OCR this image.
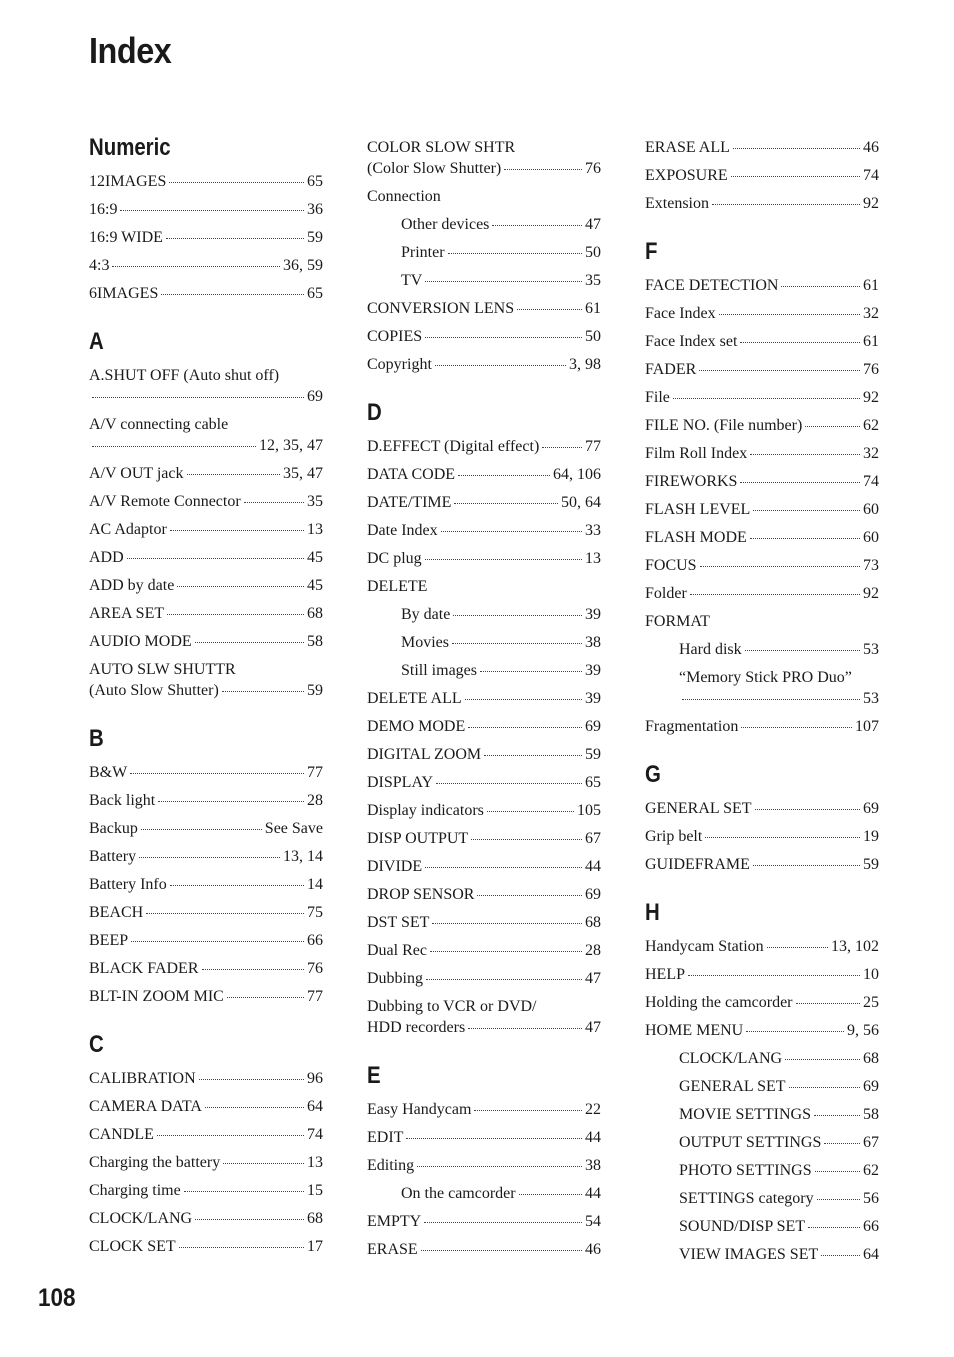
Index
Numeric
12IMAGES	65
16:9	36
16:9 WIDE	59
4:3	36, 59
6IMAGES	65
A
A.SHUT OFF (Auto shut off)
69
A/V connecting cable
12, 35, 47
A/V OUT jack	35, 47
A/V Remote Connector	35
AC Adaptor	13
ADD	45
ADD by date	45
AREA SET	68
AUDIO MODE	58
AUTO SLW SHUTTR
(Auto Slow Shutter)	59
B
B&W	77
Back light	28
Backup	See Save
Battery	13, 14
Battery Info	14
BEACH	75
BEEP	66
BLACK FADER	76
BLT-IN ZOOM MIC	77
C
CALIBRATION	96
CAMERA DATA	64
CANDLE	74
Charging the battery	13
Charging time	15
CLOCK/LANG	68
CLOCK SET	17
COLOR SLOW SHTR
(Color Slow Shutter)	76
Connection
Other devices	47
Printer	50
TV	35
CONVERSION LENS	61
COPIES	50
Copyright	3, 98
D
D.EFFECT (Digital effect)	77
DATA CODE	64, 106
DATE/TIME	50, 64
Date Index	33
DC plug	13
DELETE
By date	39
Movies	38
Still images	39
DELETE ALL	39
DEMO MODE	69
DIGITAL ZOOM	59
DISPLAY	65
Display indicators	105
DISP OUTPUT	67
DIVIDE	44
DROP SENSOR	69
DST SET	68
Dual Rec	28
Dubbing	47
Dubbing to VCR or DVD/
HDD recorders	47
E
Easy Handycam	22
EDIT	44
Editing	38
On the camcorder	44
EMPTY	54
ERASE	46
ERASE ALL	46
EXPOSURE	74
Extension	92
F
FACE DETECTION	61
Face Index	32
Face Index set	61
FADER	76
File	92
FILE NO. (File number)	62
Film Roll Index	32
FIREWORKS	74
FLASH LEVEL	60
FLASH MODE	60
FOCUS	73
Folder	92
FORMAT
Hard disk	53
“Memory Stick PRO Duo”
53
Fragmentation	107
G
GENERAL SET	69
Grip belt	19
GUIDEFRAME	59
H
Handycam Station	13, 102
HELP	10
Holding the camcorder	25
HOME MENU	9, 56
CLOCK/LANG	68
GENERAL SET	69
MOVIE SETTINGS	58
OUTPUT SETTINGS	67
PHOTO SETTINGS	62
SETTINGS category	56
SOUND/DISP SET	66
VIEW IMAGES SET	64
108
